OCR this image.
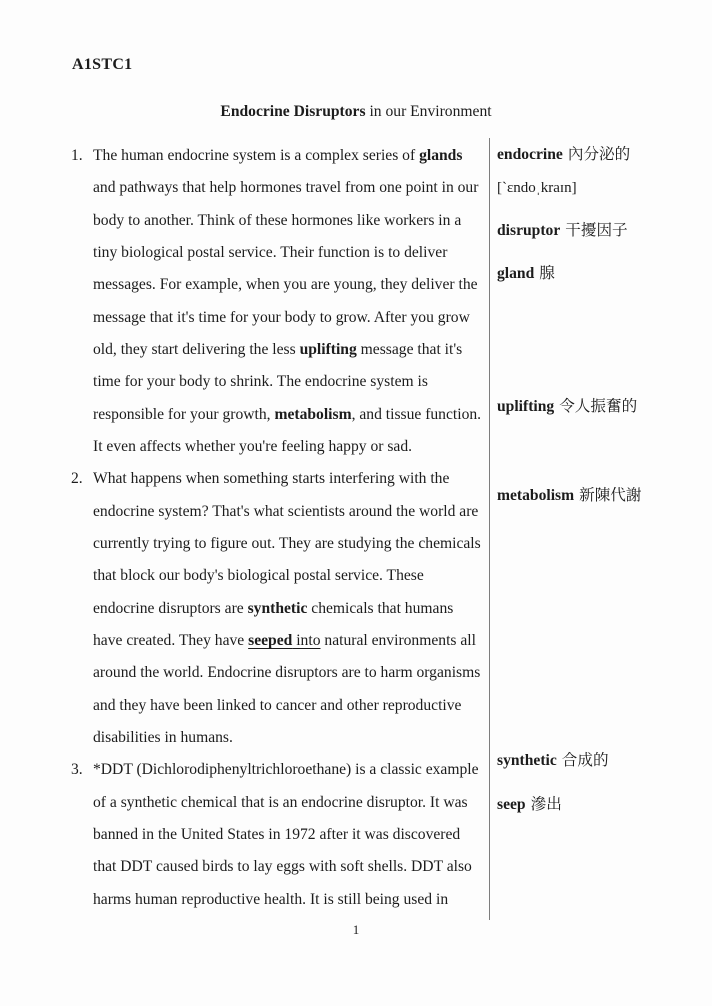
A1STC1
Endocrine Disruptors in our Environment
1. The human endocrine system is a complex series of glands
and pathways that help hormones travel from one point in our
body to another. Think of these hormones like workers in a
tiny biological postal service. Their function is to deliver
messages. For example, when you are young, they deliver the
message that it's time for your body to grow. After you grow
old, they start delivering the less uplifting message that it's
time for your body to shrink. The endocrine system is
responsible for your growth, metabolism, and tissue function.
It even affects whether you're feeling happy or sad.
2. What happens when something starts interfering with the
endocrine system? That's what scientists around the world are
currently trying to figure out. They are studying the chemicals
that block our body's biological postal service. These
endocrine disruptors are synthetic chemicals that humans
have created. They have seeped into natural environments all
around the world. Endocrine disruptors are to harm organisms
and they have been linked to cancer and other reproductive
disabilities in humans.
3. *DDT (Dichlorodiphenyltrichloroethane) is a classic example
of a synthetic chemical that is an endocrine disruptor. It was
banned in the United States in 1972 after it was discovered
that DDT caused birds to lay eggs with soft shells. DDT also
harms human reproductive health. It is still being used in
endocrine 內分泌的
[`ɛndoˌkraɪn]
disruptor 干擾因子
gland 腺
uplifting 令人振奮的
metabolism 新陳代謝
synthetic 合成的
seep 滲出
1
